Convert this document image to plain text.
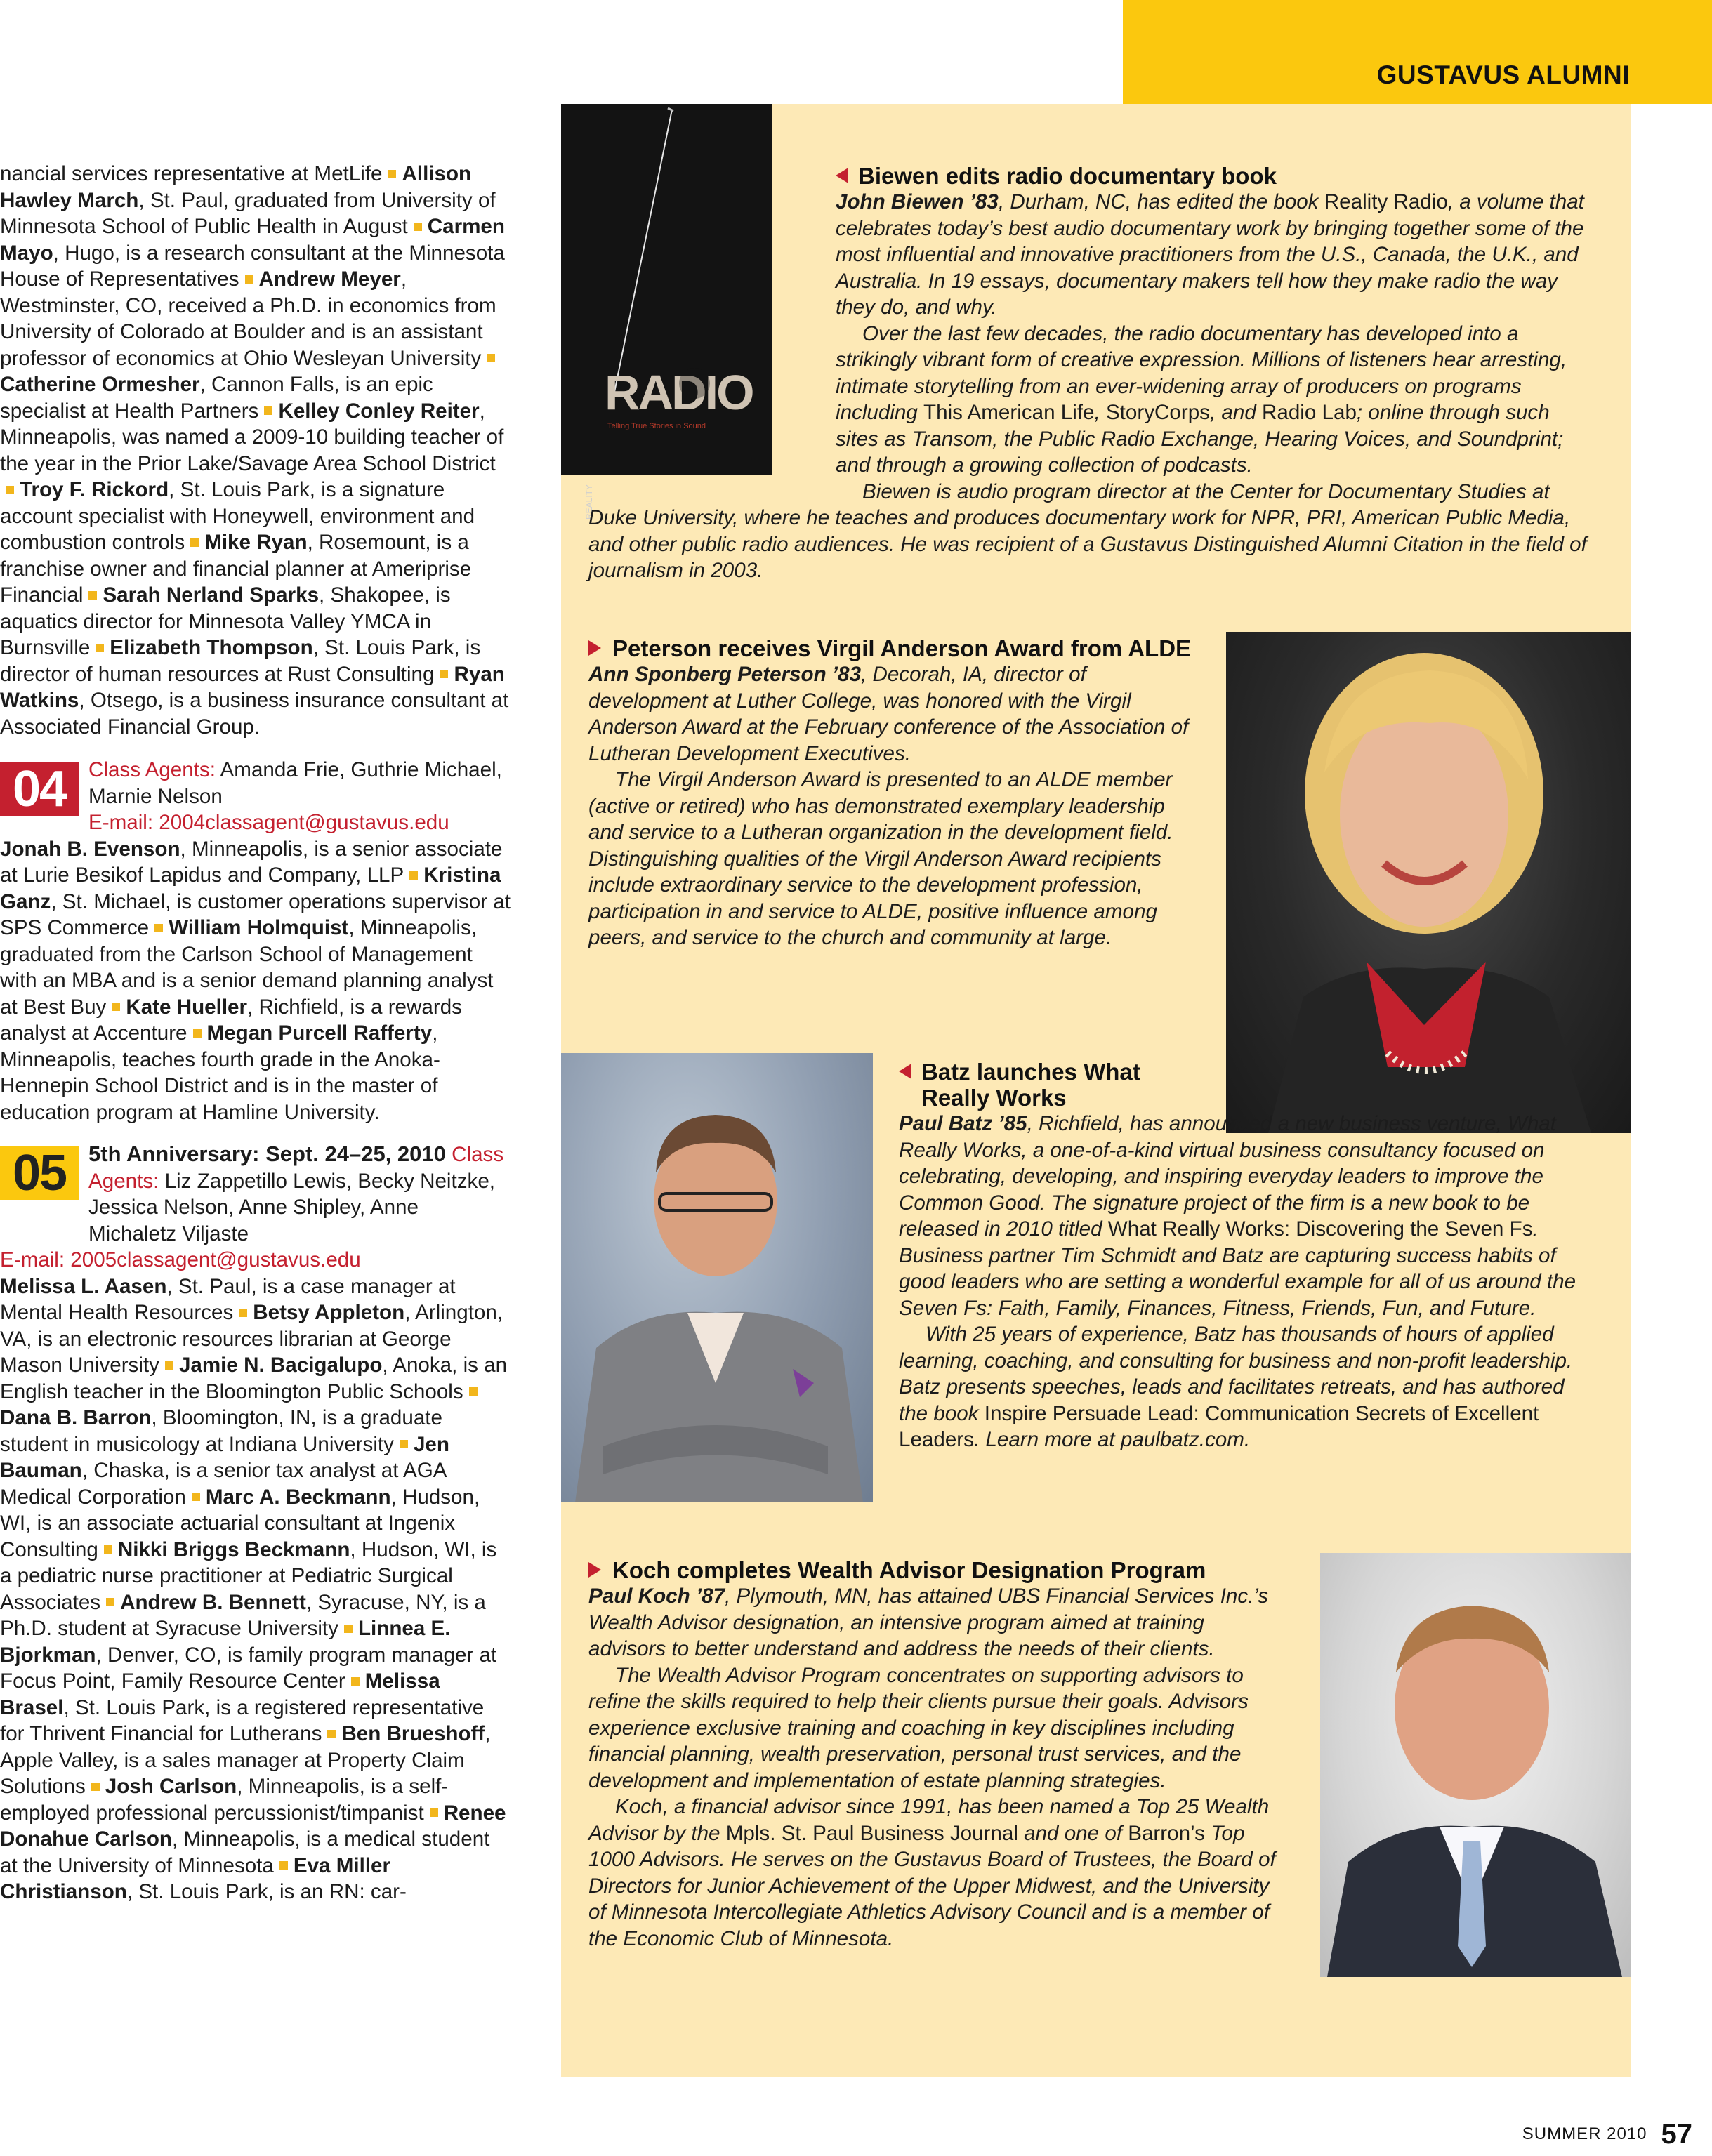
GUSTAVUS ALUMNI

nancial services representative at MetLife Allison Hawley March, St. Paul, graduated from University of Minnesota School of Public Health in August Carmen Mayo, Hugo, is a research consultant at the Minnesota House of Representatives Andrew Meyer, Westminster, CO, received a Ph.D. in economics from University of Colorado at Boulder and is an assistant professor of economics at Ohio Wesleyan UniversityCatherine Ormesher, Cannon Falls, is an epic specialist at Health Partners Kelley Conley Reiter, Minneapolis, was named a 2009-10 building teacher of the year in the Prior Lake/Savage Area School DistrictTroy F. Rickord, St. Louis Park, is a signature account specialist with Honeywell, environment and combustion controls Mike Ryan, Rosemount, is a franchise owner and financial planner at Ameriprise Financial Sarah Nerland Sparks, Shakopee, is aquatics director for Minnesota Valley YMCA in Burnsville Elizabeth Thompson, St. Louis Park, is director of human resources at Rust Consulting Ryan Watkins, Otsego, is a business insurance consultant at Associated Financial Group.

04	Class Agents: Amanda Frie, Guthrie Michael, Marnie Nelson
E-mail: 2004classagent@gustavus.edu

Jonah B. Evenson, Minneapolis, is a senior associate at Lurie Besikof Lapidus and Company, LLP Kristina Ganz, St. Michael, is customer operations supervisor at SPS Commerce William Holmquist, Minneapolis, graduated from the Carlson School of Management with an MBA and is a senior demand planning analyst at Best Buy Kate Hueller, Richfield, is a rewards analyst at Accenture Megan Purcell Rafferty, Minneapolis, teaches fourth grade in the Anoka-Hennepin School District and is in the master of education program at Hamline University.

05	5th Anniversary: Sept. 24–25, 2010 Class Agents: Liz Zappetillo Lewis, Becky Neitzke, Jessica Nelson, Anne Shipley, Anne Michaletz Viljaste
E-mail: 2005classagent@gustavus.edu

Melissa L. Aasen, St. Paul, is a case manager at Mental Health Resources Betsy Appleton, Arlington, VA, is an electronic resources librarian at George Mason University Jamie N. Bacigalupo, Anoka, is an English teacher in the Bloomington Public SchoolsDana B. Barron, Bloomington, IN, is a graduate student in musicology at Indiana University Jen Bauman, Chaska, is a senior tax analyst at AGA Medical Corporation Marc A. Beckmann, Hudson, WI, is an associate actuarial consultant at Ingenix Consulting Nikki Briggs Beckmann, Hudson, WI, is a pediatric nurse practitioner at Pediatric Surgical Associates Andrew B. Bennett, Syracuse, NY, is a Ph.D. student at Syracuse University Linnea E. Bjorkman, Denver, CO, is family program manager at Focus Point, Family Resource Center Melissa Brasel, St. Louis Park, is a registered representative for Thrivent Financial for Lutherans Ben Brueshoff, Apple Valley, is a sales manager at Property Claim Solutions Josh Carlson, Minneapolis, is a self-employed professional percussionist/timpanist Renee Donahue Carlson, Minneapolis, is a medical student at the University of Minnesota Eva Miller Christianson, St. Louis Park, is an RN: car-

REALITY
RADIO
Telling True Stories in Sound
Biewen edits radio documentary book

John Biewen ’83, Durham, NC, has edited the book Reality Radio, a volume that celebrates today’s best audio documentary work by bringing together some of the most influential and innovative practitioners from the U.S., Canada, the U.K., and Australia. In 19 essays, documentary makers tell how they make radio the way they do, and why.

Over the last few decades, the radio documentary has developed into a strikingly vibrant form of creative expression. Millions of listeners hear arresting, intimate storytelling from an ever-widening array of producers on programs including This American Life, StoryCorps, and Radio Lab; online through such sites as Transom, the Public Radio Exchange, Hearing Voices, and Soundprint; and through a growing collection of podcasts.

Biewen is audio program director at the Center for Documentary Studies at Duke University, where he teaches and produces documentary work for NPR, PRI, American Public Media, and other public radio audiences. He was recipient of a Gustavus Distinguished Alumni Citation in the field of journalism in 2003.

Peterson receives Virgil Anderson Award from ALDE

Ann Sponberg Peterson ’83, Decorah, IA, director of development at Luther College, was honored with the Virgil Anderson Award at the February conference of the Association of Lutheran Development Executives.

The Virgil Anderson Award is presented to an ALDE member (active or retired) who has demonstrated exemplary leadership and service to a Lutheran organization in the development field. Distinguishing qualities of the Virgil Anderson Award recipients include extraordinary service to the development profession, participation in and service to ALDE, positive influence among peers, and service to the church and community at large.

Batz launches What Really Works

Paul Batz ’85, Richfield, has announced a new business venture, What Really Works, a one-of-a-kind virtual business consultancy focused on celebrating, developing, and inspiring everyday leaders to improve the Common Good. The signature project of the firm is a new book to be released in 2010 titled What Really Works: Discovering the Seven Fs. Business partner Tim Schmidt and Batz are capturing success habits of good leaders who are setting a wonderful example for all of us around the Seven Fs: Faith, Family, Finances, Fitness, Friends, Fun, and Future.

With 25 years of experience, Batz has thousands of hours of applied learning, coaching, and consulting for business and non-profit leadership. Batz presents speeches, leads and facilitates retreats, and has authored the book Inspire Persuade Lead: Communication Secrets of Excellent Leaders. Learn more at paulbatz.com.

Koch completes Wealth Advisor Designation Program

Paul Koch ’87, Plymouth, MN, has attained UBS Financial Services Inc.’s Wealth Advisor designation, an intensive program aimed at training advisors to better understand and address the needs of their clients.

The Wealth Advisor Program concentrates on supporting advisors to refine the skills required to help their clients pursue their goals. Advisors experience exclusive training and coaching in key disciplines including financial planning, wealth preservation, personal trust services, and the development and implementation of estate planning strategies.

Koch, a financial advisor since 1991, has been named a Top 25 Wealth Advisor by the Mpls. St. Paul Business Journal and one of Barron’s Top 1000 Advisors. He serves on the Gustavus Board of Trustees, the Board of Directors for Junior Achievement of the Upper Midwest, and the University of Minnesota Intercollegiate Athletics Advisory Council and is a member of the Economic Club of Minnesota.

SUMMER 2010 57
